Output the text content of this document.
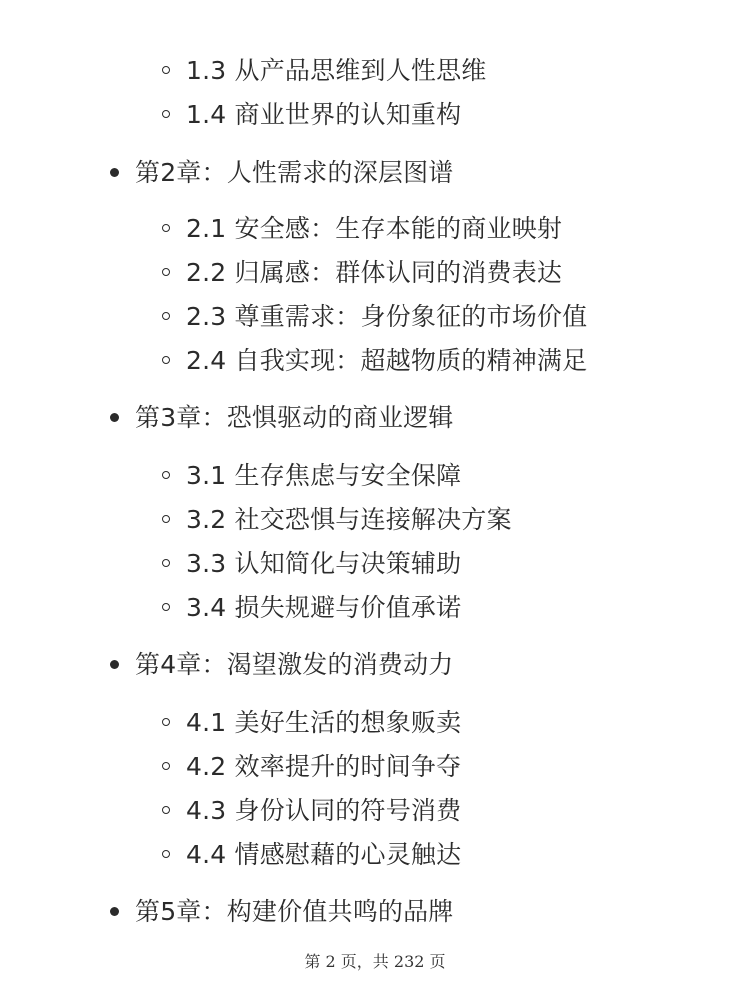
1.3 从产品思维到人性思维
1.4 商业世界的认知重构
第2章：人性需求的深层图谱
2.1 安全感：生存本能的商业映射
2.2 归属感：群体认同的消费表达
2.3 尊重需求：身份象征的市场价值
2.4 自我实现：超越物质的精神满足
第3章：恐惧驱动的商业逻辑
3.1 生存焦虑与安全保障
3.2 社交恐惧与连接解决方案
3.3 认知简化与决策辅助
3.4 损失规避与价值承诺
第4章：渴望激发的消费动力
4.1 美好生活的想象贩卖
4.2 效率提升的时间争夺
4.3 身份认同的符号消费
4.4 情感慰藉的心灵触达
第5章：构建价值共鸣的品牌
第 2 页，共 232 页
